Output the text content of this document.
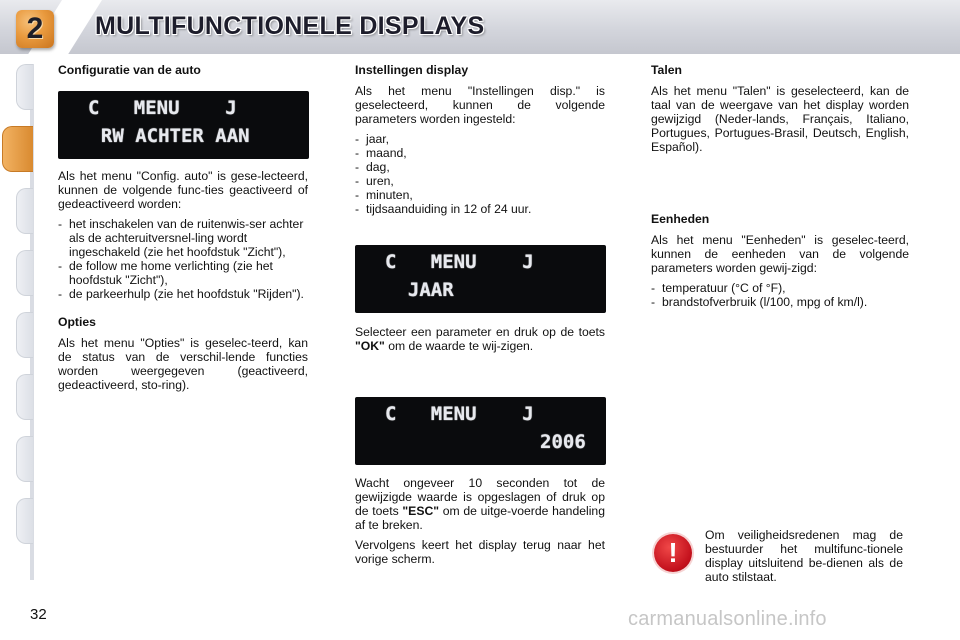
2	MULTIFUNCTIONELE DISPLAYS
Configuratie van de auto
C   MENU    J
RW ACHTER AAN

Als het menu "Config. auto" is gese-lecteerd, kunnen de volgende func-ties geactiveerd of gedeactiveerd worden:

- het inschakelen van de ruitenwis-ser achter als de achteruitversnel-ling wordt ingeschakeld (zie het hoofdstuk "Zicht"),
- de follow me home verlichting (zie het hoofdstuk "Zicht"),
- de parkeerhulp (zie het hoofdstuk "Rijden").
Opties

Als het menu "Opties" is geselec-teerd, kan de status van de verschil-lende functies worden weergegeven (geactiveerd, gedeactiveerd, sto-ring).

Instellingen display

Als het menu "Instellingen disp." is geselecteerd, kunnen de volgende parameters worden ingesteld:

- jaar,
- maand,
- dag,
- uren,
- minuten,
- tijdsaanduiding in 12 of 24 uur.
C   MENU    J
JAAR

Selecteer een parameter en druk op de toets "OK" om de waarde te wij-zigen.

C   MENU    J
2006

Wacht ongeveer 10 seconden tot de gewijzigde waarde is opgeslagen of druk op de toets "ESC" om de uitge-voerde handeling af te breken.

Vervolgens keert het display terug naar het vorige scherm.

Talen

Als het menu "Talen" is geselecteerd, kan de taal van de weergave van het display worden gewijzigd (Neder-lands, Français, Italiano, Portugues, Portugues-Brasil, Deutsch, English, Español).

Eenheden

Als het menu "Eenheden" is geselec-teerd, kunnen de eenheden van de volgende parameters worden gewij-zigd:

- temperatuur (°C of °F),
- brandstofverbruik (l/100, mpg of km/l).
!
Om veiligheidsredenen mag de bestuurder het multifunc-tionele display uitsluitend be-dienen als de auto stilstaat.
32	carmanualsonline.info
